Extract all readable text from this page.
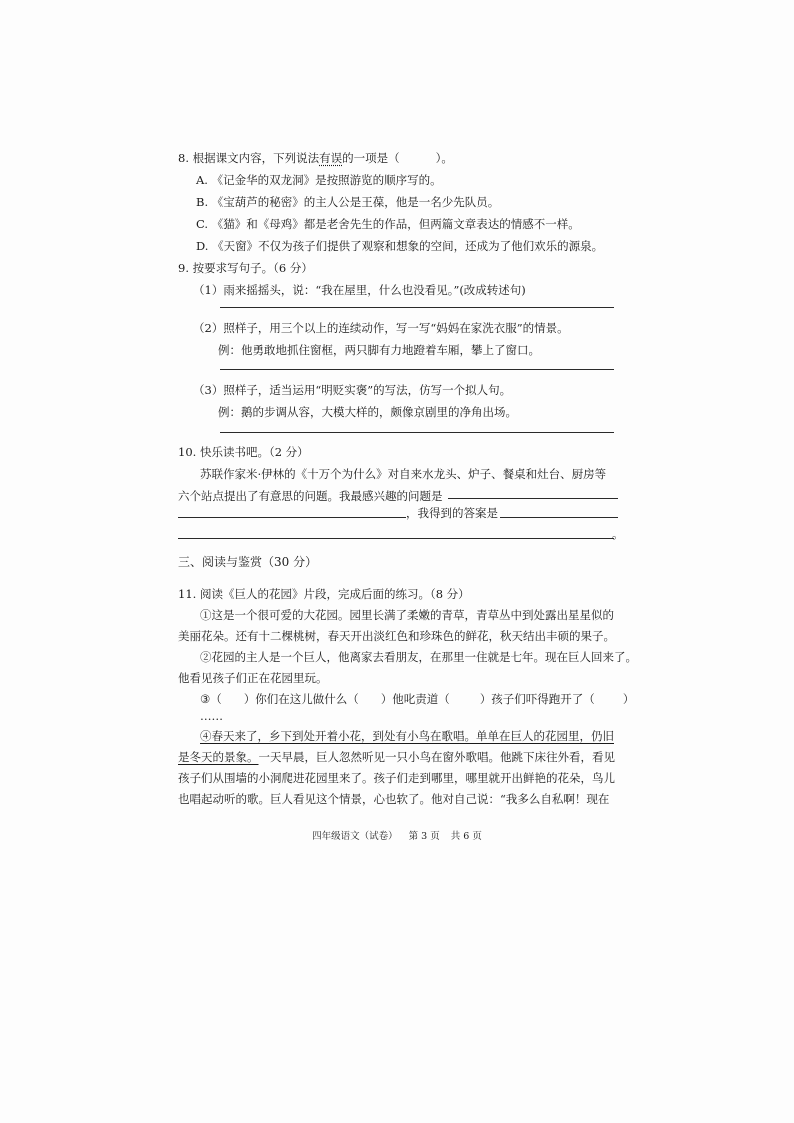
8. 根据课文内容，下列说法有误的一项是（	）。
A. 《记金华的双龙洞》是按照游览的顺序写的。
B. 《宝葫芦的秘密》的主人公是王葆，他是一名少先队员。
C. 《猫》和《母鸡》都是老舍先生的作品，但两篇文章表达的情感不一样。
D. 《天窗》不仅为孩子们提供了观察和想象的空间，还成为了他们欢乐的源泉。
9. 按要求写句子。（6 分）
（1）雨来摇摇头，说：“我在屋里，什么也没看见。”(改成转述句)
（2）照样子，用三个以上的连续动作，写一写“妈妈在家洗衣服”的情景。
例：他勇敢地抓住窗框，两只脚有力地蹬着车厢，攀上了窗口。
（3）照样子，适当运用“明贬实褒”的写法，仿写一个拟人句。
例：鹅的步调从容，大模大样的，颇像京剧里的净角出场。
10. 快乐读书吧。（2 分）
苏联作家米·伊林的《十万个为什么》对自来水龙头、炉子、餐桌和灶台、厨房等
六个站点提出了有意思的问题。我最感兴趣的问题是
，我得到的答案是
。
三、阅读与鉴赏（30 分）
11. 阅读《巨人的花园》片段，完成后面的练习。（8 分）
①这是一个很可爱的大花园。园里长满了柔嫩的青草，青草丛中到处露出星星似的
美丽花朵。还有十二棵桃树，春天开出淡红色和珍珠色的鲜花，秋天结出丰硕的果子。
②花园的主人是一个巨人，他离家去看朋友，在那里一住就是七年。现在巨人回来了。
他看见孩子们正在花园里玩。
③（ ）你们在这儿做什么（ ）他叱责道（	）孩子们吓得跑开了（ ）
……
④春天来了，乡下到处开着小花，到处有小鸟在歌唱。单单在巨人的花园里，仍旧
是冬天的景象。一天早晨，巨人忽然听见一只小鸟在窗外歌唱。他跳下床往外看，看见
孩子们从围墙的小洞爬进花园里来了。孩子们走到哪里，哪里就开出鲜艳的花朵，鸟儿
也唱起动听的歌。巨人看见这个情景，心也软了。他对自己说：“我多么自私啊！现在
四年级语文（试卷） 第 3 页 共 6 页
